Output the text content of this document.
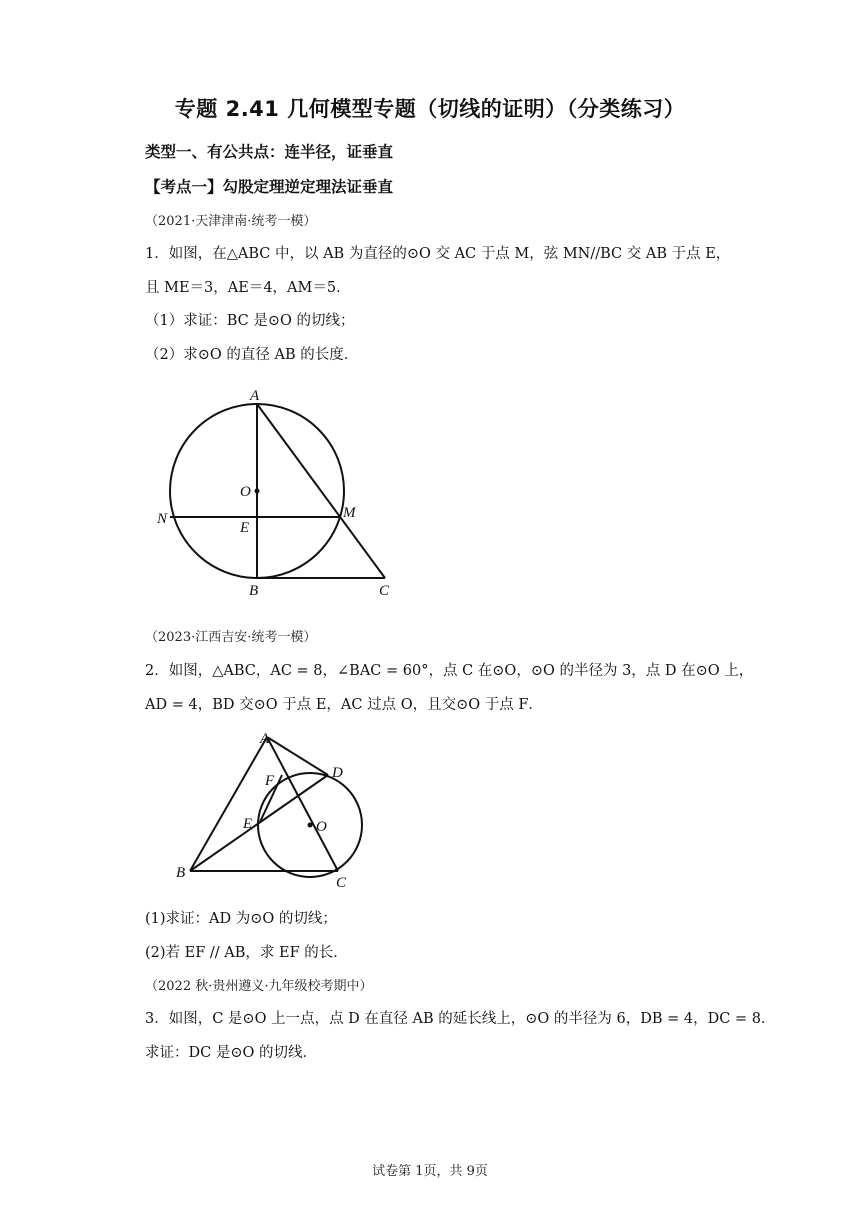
专题 2.41 几何模型专题（切线的证明）（分类练习）
类型一、有公共点：连半径，证垂直
【考点一】勾股定理逆定理法证垂直
（2021·天津津南·统考一模）
1．如图，在△ABC 中，以 AB 为直径的⊙O 交 AC 于点 M，弦 MN//BC 交 AB 于点 E，
且 ME＝3，AE＝4，AM＝5．
（1）求证：BC 是⊙O 的切线；
（2）求⊙O 的直径 AB 的长度．
A
O
N
E
M
B	C
（2023·江西吉安·统考一模）
2．如图，△ABC，AC = 8，∠BAC = 60°，点 C 在⊙O，⊙O 的半径为 3，点 D 在⊙O 上，
AD = 4，BD 交⊙O 于点 E，AC 过点 O，且交⊙O 于点 F．
A
D
F
E	O
B
C
(1)求证：AD 为⊙O 的切线；
(2)若 EF // AB，求 EF 的长．
（2022 秋·贵州遵义·九年级校考期中）
3．如图，C 是⊙O 上一点，点 D 在直径 AB 的延长线上，⊙O 的半径为 6，DB = 4，DC = 8．
求证：DC 是⊙O 的切线．
试卷第 1页，共 9页
